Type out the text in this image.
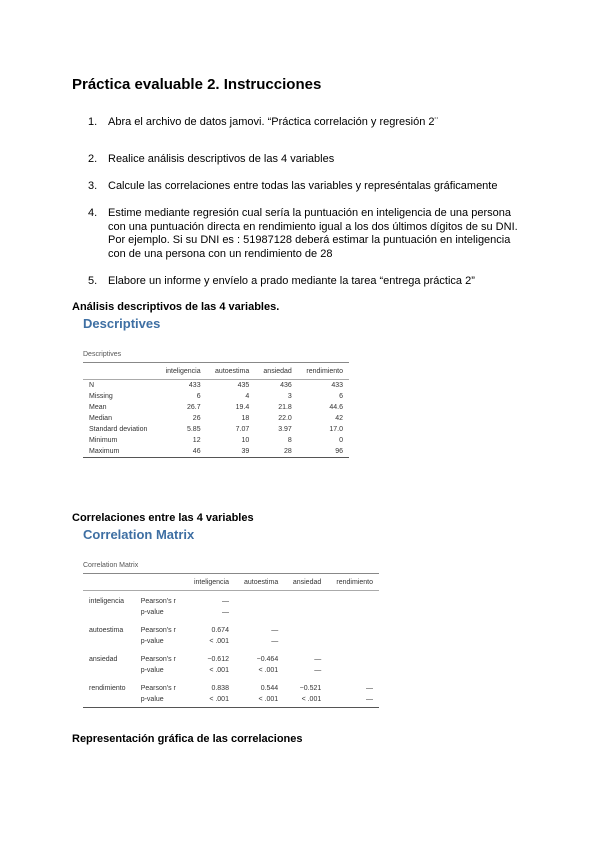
Práctica evaluable 2. Instrucciones
1. Abra el archivo de datos jamovi. “Práctica correlación y regresión 2¨
2. Realice análisis descriptivos de las 4 variables
3. Calcule las correlaciones entre todas las variables y represéntalas gráficamente
4. Estime mediante regresión cual sería la puntuación en inteligencia de una persona con una puntuación directa en rendimiento igual a los dos últimos dígitos de su DNI. Por ejemplo. Si su DNI es : 51987128 deberá estimar la puntuación en inteligencia con de una persona con un rendimiento de 28
5. Elabore un informe y envíelo a prado mediante la tarea “entrega práctica 2”
Análisis descriptivos de las 4 variables.
Descriptives
Descriptives
	inteligencia	autoestima	ansiedad	rendimiento
N	433	435	436	433
Missing	6	4	3	6
Mean	26.7	19.4	21.8	44.6
Median	26	18	22.0	42
Standard deviation	5.85	7.07	3.97	17.0
Minimum	12	10	8	0
Maximum	46	39	28	96
Correlaciones entre las 4 variables
Correlation Matrix
Correlation Matrix
		inteligencia	autoestima	ansiedad	rendimiento
inteligencia	Pearson's r	—			
	p-value	—			
autoestima	Pearson's r	0.674	—		
	p-value	< .001	—		
ansiedad	Pearson's r	−0.612	−0.464	—	
	p-value	< .001	< .001	—	
rendimiento	Pearson's r	0.838	0.544	−0.521	—
	p-value	< .001	< .001	< .001	—
Representación gráfica de las correlaciones
